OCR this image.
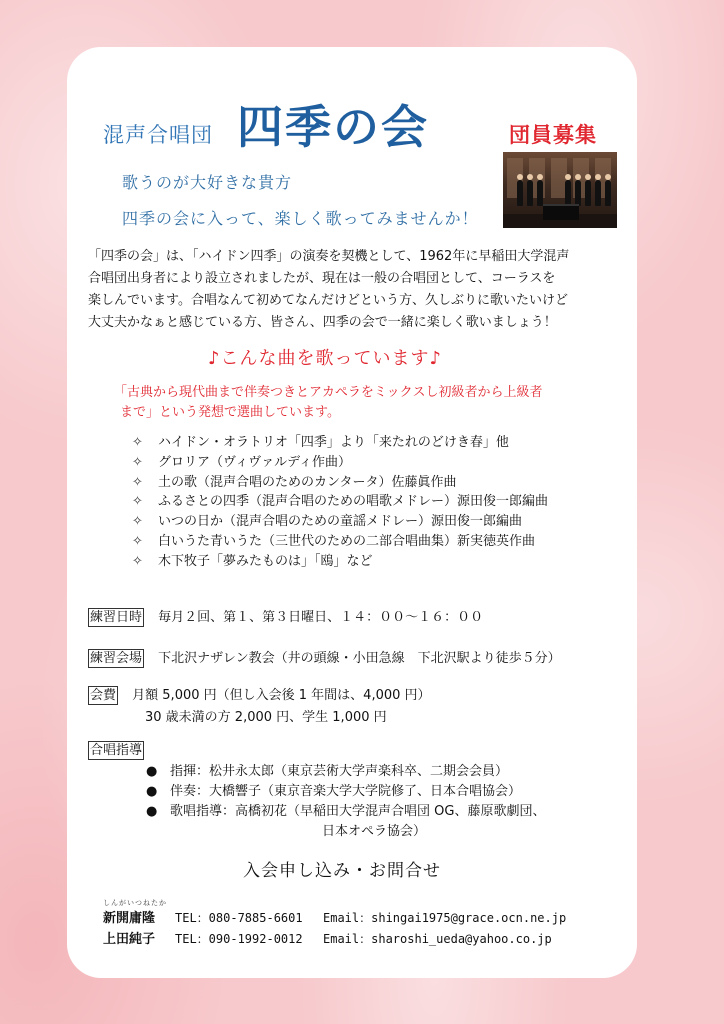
混声合唱団 四季の会	団員募集
歌うのが大好きな貴方
四季の会に入って、楽しく歌ってみませんか！
「四季の会」は、「ハイドン四季」の演奏を契機として、1962年に早稲田大学混声
合唱団出身者により設立されましたが、現在は一般の合唱団として、コーラスを
楽しんでいます。合唱なんて初めてなんだけどという方、久しぶりに歌いたいけど
大丈夫かなぁと感じている方、皆さん、四季の会で一緒に楽しく歌いましょう！
♪こんな曲を歌っています♪
「古典から現代曲まで伴奏つきとアカペラをミックスし初級者から上級者
まで」という発想で選曲しています。
✧ ハイドン・オラトリオ「四季」より「来たれのどけき春」他
✧ グロリア（ヴィヴァルディ作曲）
✧ 土の歌（混声合唱のためのカンタータ）佐藤眞作曲
✧ ふるさとの四季（混声合唱のための唱歌メドレー）源田俊一郎編曲
✧ いつの日か（混声合唱のための童謡メドレー）源田俊一郎編曲
✧ 白いうた青いうた（三世代のための二部合唱曲集）新実徳英作曲
✧ 木下牧子「夢みたものは」「鴎」など
練習日時 毎月２回、第１、第３日曜日、１４：００～１６：００
練習会場 下北沢ナザレン教会（井の頭線・小田急線　下北沢駅より徒歩５分）
会費 月額 5,000 円（但し入会後 1 年間は、4,000 円）
30 歳未満の方 2,000 円、学生 1,000 円
合唱指導
● 指揮：松井永太郎（東京芸術大学声楽科卒、二期会会員）
● 伴奏：大橋響子（東京音楽大学大学院修了、日本合唱協会）
● 歌唱指導：高橋初花（早稲田大学混声合唱団 OG、藤原歌劇団、
日本オペラ協会）
入会申し込み・お問合せ
しんがいつねたか
新開庸隆 TEL：080-7885-6601 Email：shingai1975@grace.ocn.ne.jp
上田純子 TEL：090-1992-0012 Email：sharoshi_ueda@yahoo.co.jp
